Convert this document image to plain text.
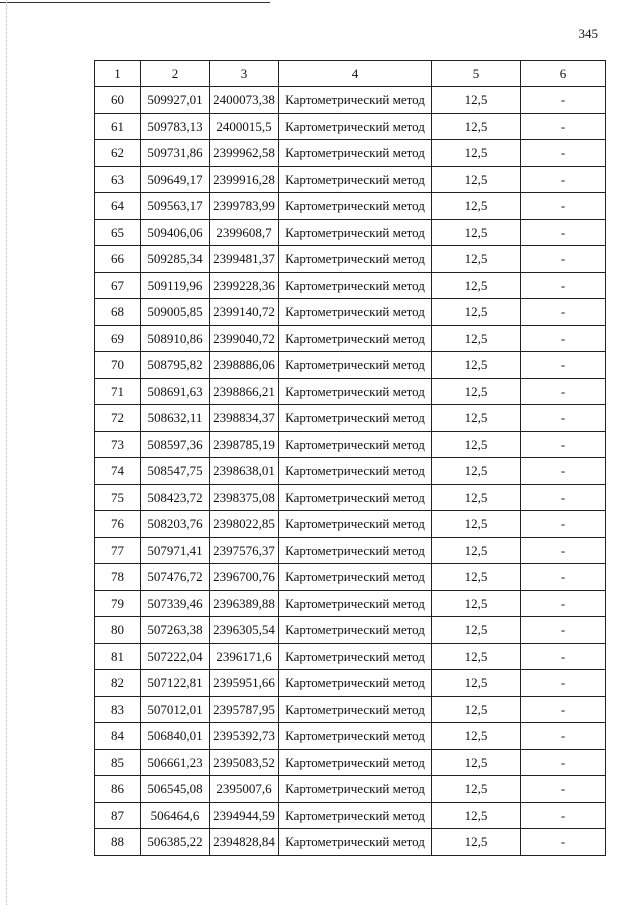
345
1	2	3	4	5	6
60	509927,01	2400073,38	Картометрический метод	12,5	-
61	509783,13	2400015,5	Картометрический метод	12,5	-
62	509731,86	2399962,58	Картометрический метод	12,5	-
63	509649,17	2399916,28	Картометрический метод	12,5	-
64	509563,17	2399783,99	Картометрический метод	12,5	-
65	509406,06	2399608,7	Картометрический метод	12,5	-
66	509285,34	2399481,37	Картометрический метод	12,5	-
67	509119,96	2399228,36	Картометрический метод	12,5	-
68	509005,85	2399140,72	Картометрический метод	12,5	-
69	508910,86	2399040,72	Картометрический метод	12,5	-
70	508795,82	2398886,06	Картометрический метод	12,5	-
71	508691,63	2398866,21	Картометрический метод	12,5	-
72	508632,11	2398834,37	Картометрический метод	12,5	-
73	508597,36	2398785,19	Картометрический метод	12,5	-
74	508547,75	2398638,01	Картометрический метод	12,5	-
75	508423,72	2398375,08	Картометрический метод	12,5	-
76	508203,76	2398022,85	Картометрический метод	12,5	-
77	507971,41	2397576,37	Картометрический метод	12,5	-
78	507476,72	2396700,76	Картометрический метод	12,5	-
79	507339,46	2396389,88	Картометрический метод	12,5	-
80	507263,38	2396305,54	Картометрический метод	12,5	-
81	507222,04	2396171,6	Картометрический метод	12,5	-
82	507122,81	2395951,66	Картометрический метод	12,5	-
83	507012,01	2395787,95	Картометрический метод	12,5	-
84	506840,01	2395392,73	Картометрический метод	12,5	-
85	506661,23	2395083,52	Картометрический метод	12,5	-
86	506545,08	2395007,6	Картометрический метод	12,5	-
87	506464,6	2394944,59	Картометрический метод	12,5	-
88	506385,22	2394828,84	Картометрический метод	12,5	-
